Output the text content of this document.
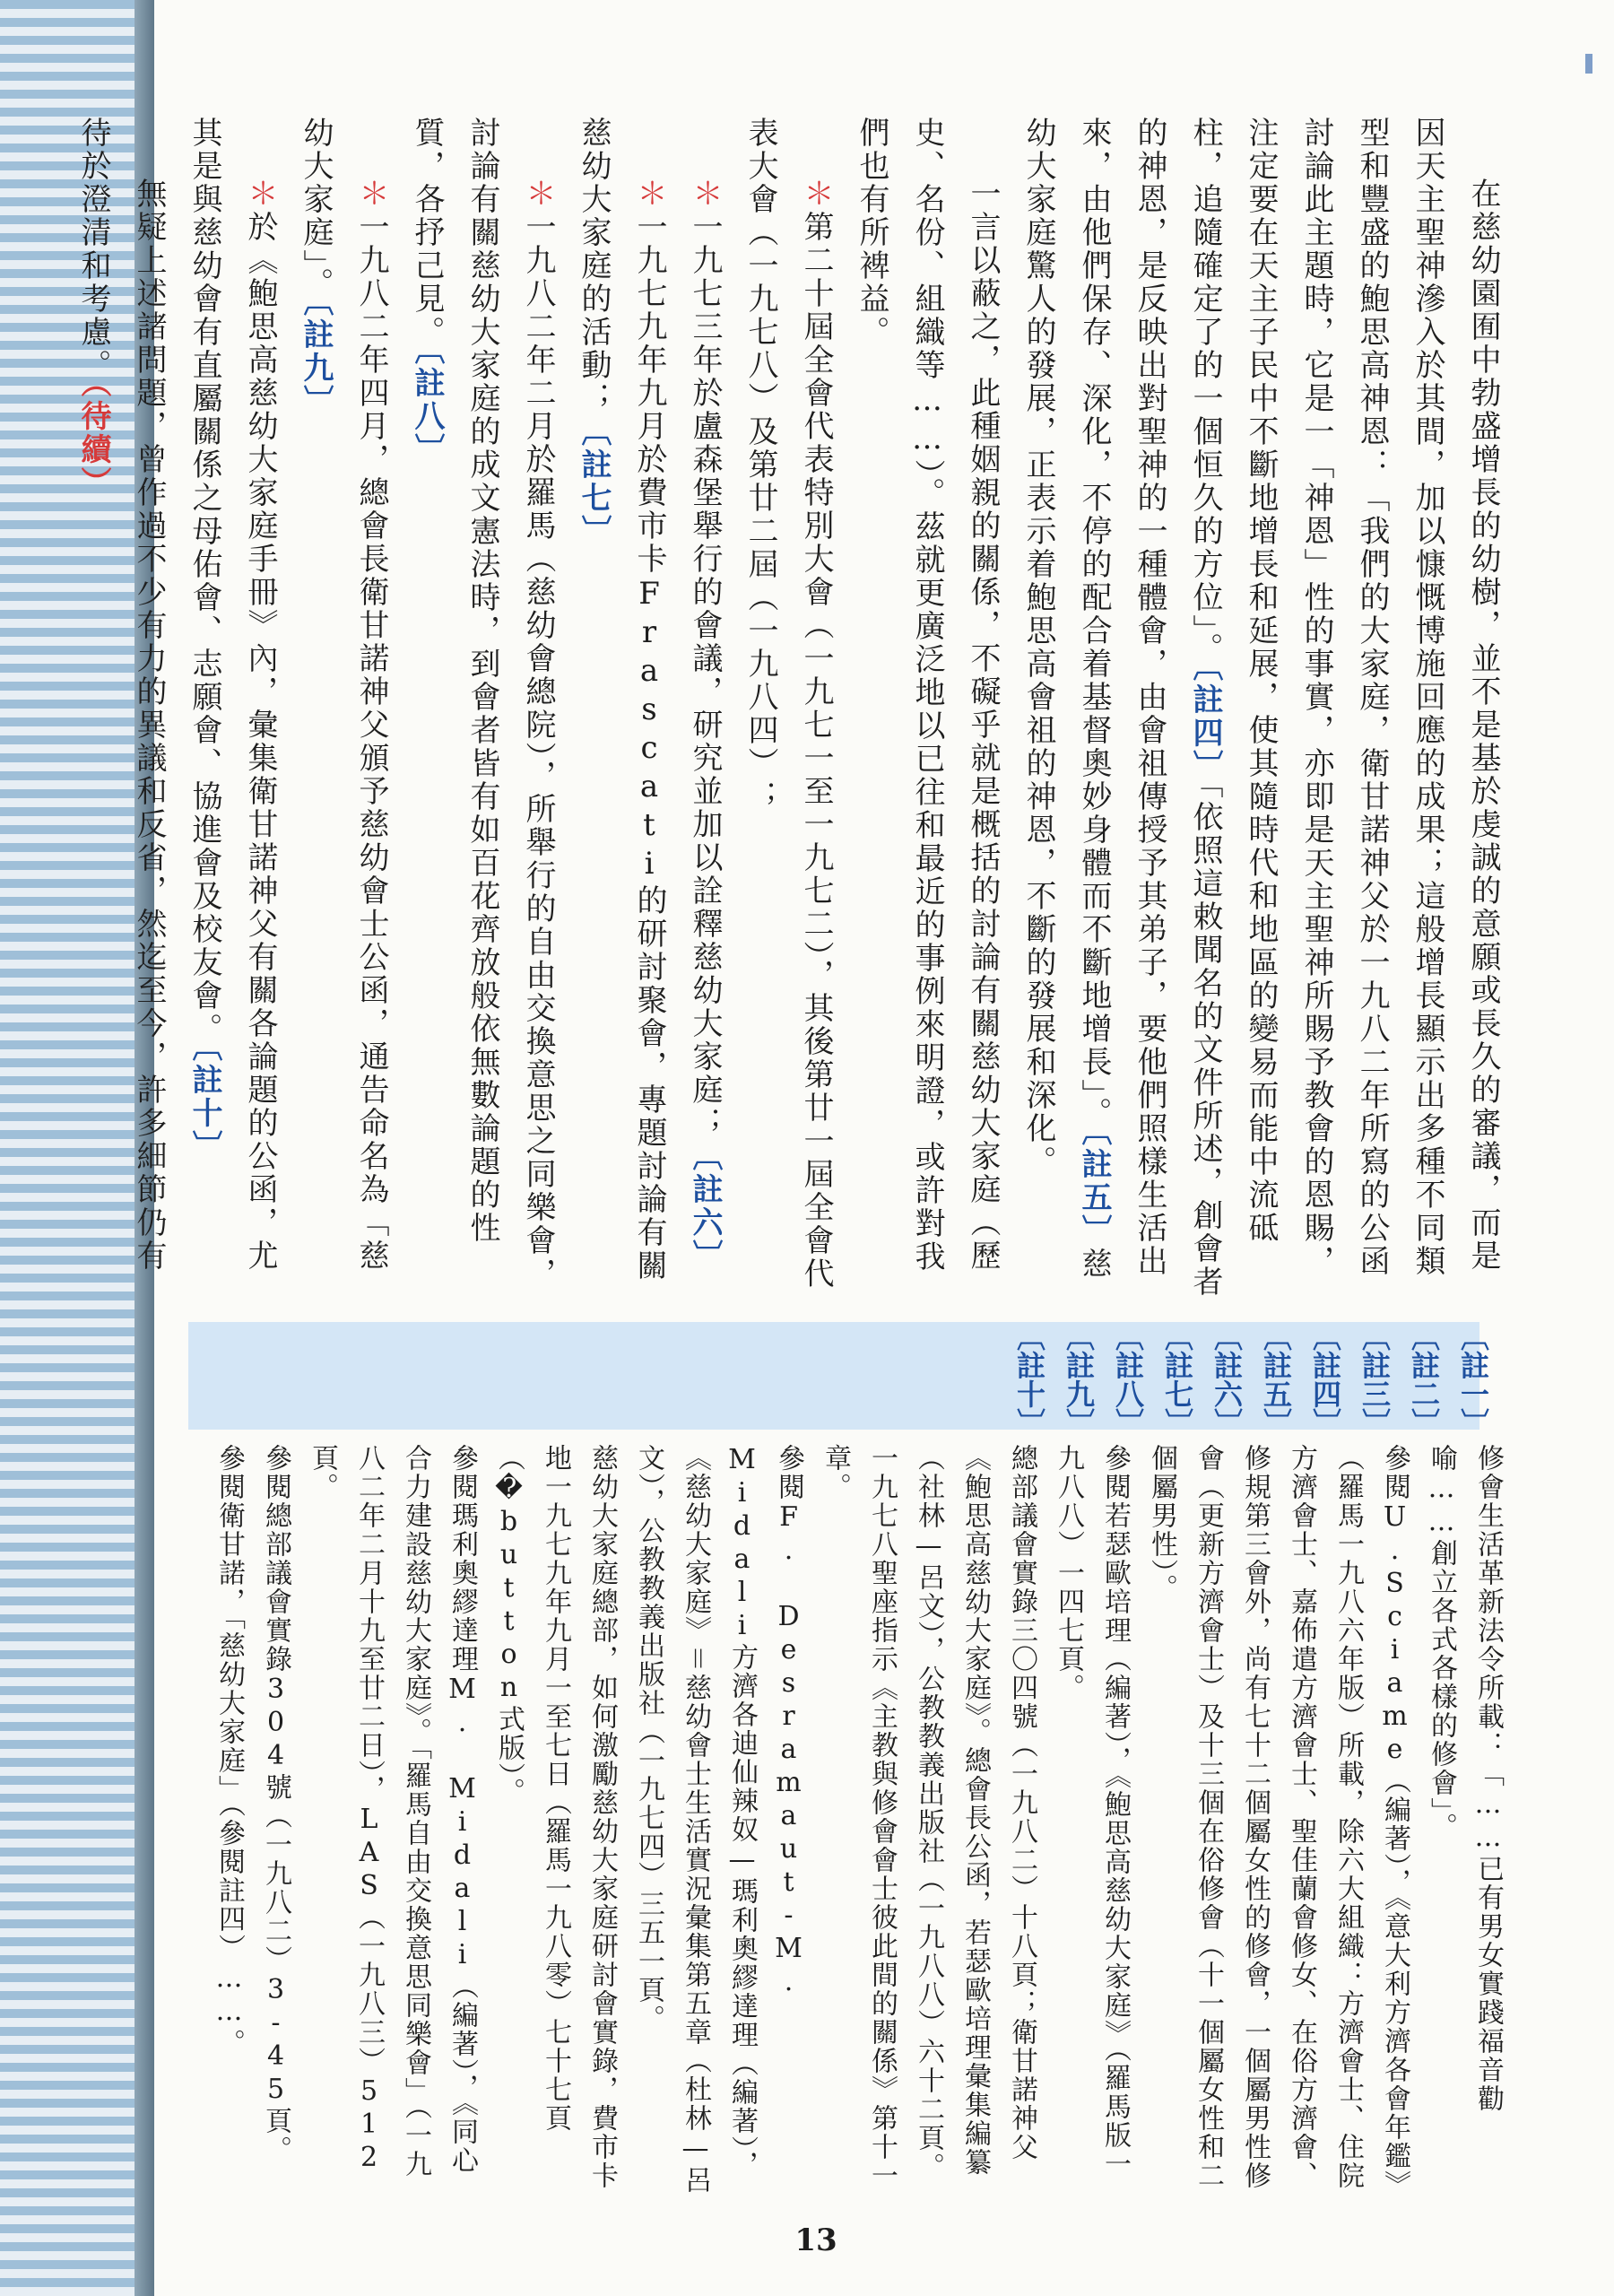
在慈幼園囿中勃盛增長的幼樹，並不是基於虔誠的意願或長久的審議，而是因天主聖神滲入於其間，加以慷慨博施回應的成果；這般增長顯示出多種不同類型和豐盛的鮑思高神恩：「我們的大家庭，衛甘諾神父於一九八二年所寫的公函討論此主題時，它是一「神恩」性的事實，亦即是天主聖神所賜予教會的恩賜，注定要在天主子民中不斷地增長和延展，使其隨時代和地區的變易而能中流砥柱，追隨確定了的一個恒久的方位」。〔註四〕「依照這敕聞名的文件所述，創會者的神恩，是反映出對聖神的一種體會，由會祖傳授予其弟子，要他們照樣生活出來，由他們保存、深化，不停的配合着基督奧妙身體而不斷地增長」。〔註五〕慈幼大家庭驚人的發展，正表示着鮑思高會祖的神恩，不斷的發展和深化。
一言以蔽之，此種姻親的關係，不礙乎就是概括的討論有關慈幼大家庭（歷史、名份、組織等……）。茲就更廣泛地以已往和最近的事例來明證，或許對我們也有所裨益。
＊第二十屆全會代表特別大會（一九七一至一九七二），其後第廿一屆全會代表大會（一九七八）及第廿二屆（一九八四）；
＊一九七三年於盧森堡舉行的會議，研究並加以詮釋慈幼大家庭；〔註六〕
＊一九七九年九月於費市卡Frascati的研討聚會，專題討論有關慈幼大家庭的活動；〔註七〕
＊一九八二年二月於羅馬（慈幼會總院），所舉行的自由交換意思之同樂會，討論有關慈幼大家庭的成文憲法時，到會者皆有如百花齊放般依無數論題的性質，各抒己見。〔註八〕
＊一九八二年四月，總會長衛甘諾神父頒予慈幼會士公函，通告命名為「慈幼大家庭」。〔註九〕
＊於《鮑思高慈幼大家庭手冊》內，彙集衛甘諾神父有關各論題的公函，尤其是與慈幼會有直屬關係之母佑會、志願會、協進會及校友會。〔註十〕
無疑上述諸問題，曾作過不少有力的異議和反省，然迄至今，許多細節仍有待於澄清和考慮。（待續）
〔註一〕
〔註二〕
〔註三〕
〔註四〕
〔註五〕
〔註六〕
〔註七〕
〔註八〕
〔註九〕
〔註十〕
修會生活革新法令所載：「……已有男女實踐福音勸喻……創立各式各樣的修會」。
參閱U.Sciame（編著），《意大利方濟各會年鑑》（羅馬一九八六年版）所載，除六大組織：方濟會士、住院方濟會士、嘉佈遣方濟會士、聖佳蘭會修女、在俗方濟會、修規第三會外，尚有七十二個屬女性的修會，一個屬男性修會（更新方濟會士）及十三個在俗修會（十一個屬女性和二個屬男性）。
參閱若瑟歐培理（編著），《鮑思高慈幼大家庭》（羅馬版一九八八）一四七頁。
總部議會實錄三〇四號（一九八二）十八頁；衛甘諾神父《鮑思高慈幼大家庭》。總會長公函，若瑟歐培理彙集編纂（社林—呂文），公教教義出版社（一九八八）六十二頁。
一九七八聖座指示《主教與修會會士彼此間的關係》第十一章。
參閱F. Desramaut-M. Midali方濟各迪仙辣奴—瑪利奧繆達理（編著），《慈幼大家庭》＝慈幼會士生活實況彙集第五章（杜林—呂文），公教教義出版社（一九七四）三五一頁。
慈幼大家庭總部，如何激勵慈幼大家庭研討會實錄，費市卡地一九七九年九月一至七日（羅馬一九八零）七十七頁（�button式版）。
參閱瑪利奧繆達理M. Midali（編著），《同心合力建設慈幼大家庭》。「羅馬自由交換意思同樂會」（一九八二年二月十九至廿二日），LAS（一九八三）512頁。
參閱總部議會實錄304號（一九八二）3-45頁。
參閱衛甘諾，「慈幼大家庭」（參閱註四）……。
13
